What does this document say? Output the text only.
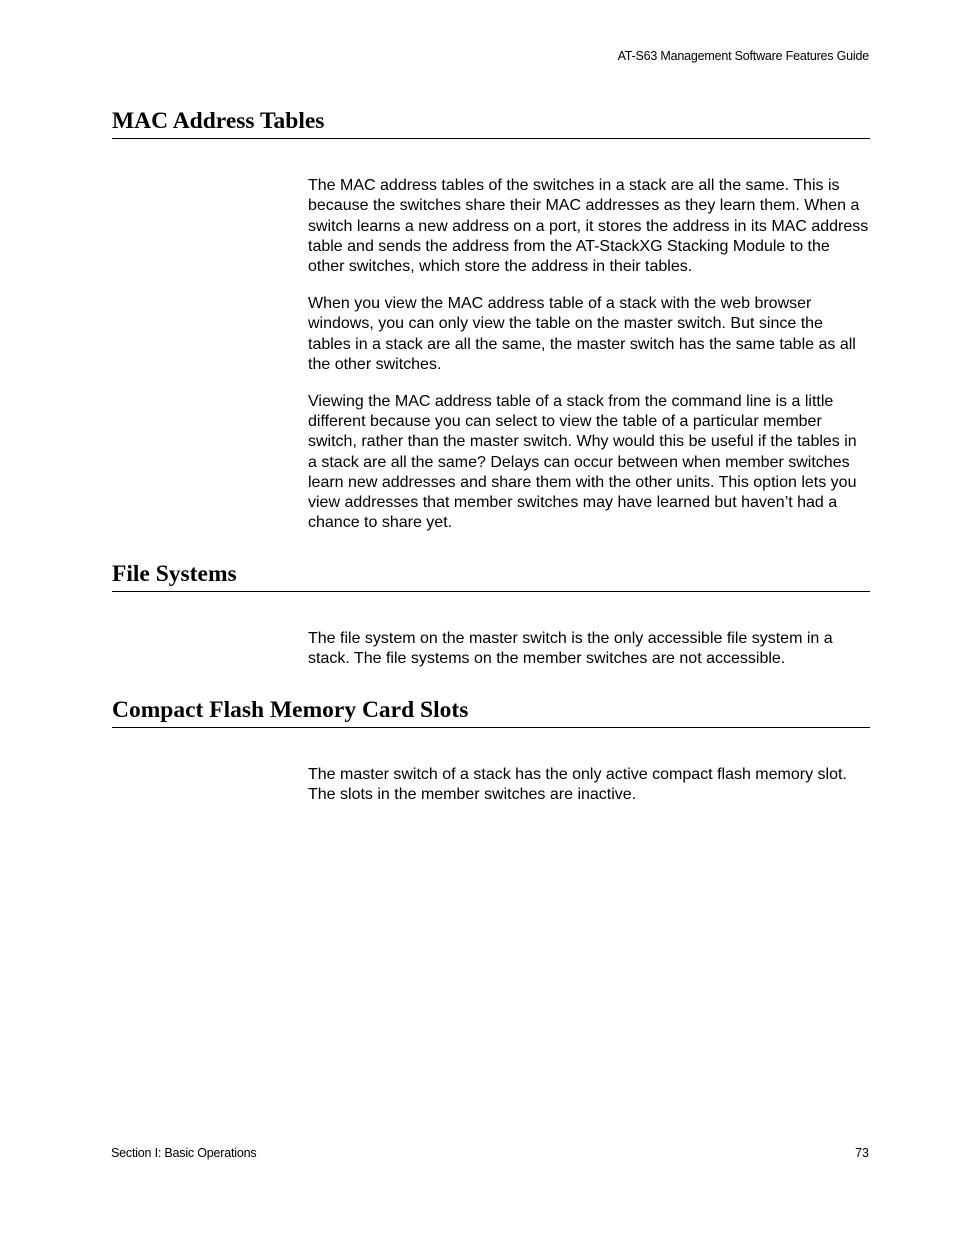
AT-S63 Management Software Features Guide
MAC Address Tables

The MAC address tables of the switches in a stack are all the same. This is because the switches share their MAC addresses as they learn them. When a switch learns a new address on a port, it stores the address in its MAC address table and sends the address from the AT-StackXG Stacking Module to the other switches, which store the address in their tables.

When you view the MAC address table of a stack with the web browser windows, you can only view the table on the master switch. But since the tables in a stack are all the same, the master switch has the same table as all the other switches.

Viewing the MAC address table of a stack from the command line is a little different because you can select to view the table of a particular member switch, rather than the master switch. Why would this be useful if the tables in a stack are all the same? Delays can occur between when member switches learn new addresses and share them with the other units. This option lets you view addresses that member switches may have learned but haven’t had a chance to share yet.

File Systems

The file system on the master switch is the only accessible file system in a stack. The file systems on the member switches are not accessible.

Compact Flash Memory Card Slots

The master switch of a stack has the only active compact flash memory slot. The slots in the member switches are inactive.

Section I: Basic Operations	73
